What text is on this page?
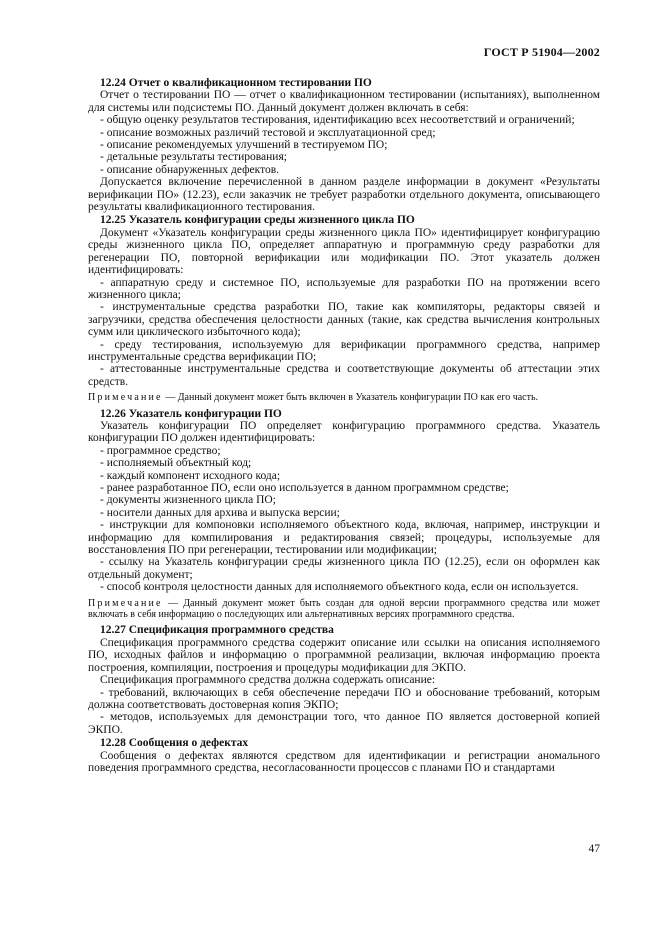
ГОСТ Р 51904—2002

12.24 Отчет о квалификационном тестировании ПО

Отчет о тестировании ПО — отчет о квалификационном тестировании (испытаниях), выполненном для системы или подсистемы ПО. Данный документ должен включать в себя:

- общую оценку результатов тестирования, идентификацию всех несоответствий и ограничений;

- описание возможных различий тестовой и эксплуатационной сред;

- описание рекомендуемых улучшений в тестируемом ПО;

- детальные результаты тестирования;

- описание обнаруженных дефектов.

Допускается включение перечисленной в данном разделе информации в документ «Результаты верификации ПО» (12.23), если заказчик не требует разработки отдельного документа, описывающего результаты квалификационного тестирования.

12.25 Указатель конфигурации среды жизненного цикла ПО

Документ «Указатель конфигурации среды жизненного цикла ПО» идентифицирует конфигурацию среды жизненного цикла ПО, определяет аппаратную и программную среду разработки для регенерации ПО, повторной верификации или модификации ПО. Этот указатель должен идентифицировать:

- аппаратную среду и системное ПО, используемые для разработки ПО на протяжении всего жизненного цикла;

- инструментальные средства разработки ПО, такие как компиляторы, редакторы связей и загрузчики, средства обеспечения целостности данных (такие, как средства вычисления контрольных сумм или циклического избыточного кода);

- среду тестирования, используемую для верификации программного средства, например инструментальные средства верификации ПО;

- аттестованные инструментальные средства и соответствующие документы об аттестации этих средств.

Примечание — Данный документ может быть включен в Указатель конфигурации ПО как его часть.

12.26 Указатель конфигурации ПО

Указатель конфигурации ПО определяет конфигурацию программного средства. Указатель конфигурации ПО должен идентифицировать:

- программное средство;

- исполняемый объектный код;

- каждый компонент исходного кода;

- ранее разработанное ПО, если оно используется в данном программном средстве;

- документы жизненного цикла ПО;

- носители данных для архива и выпуска версии;

- инструкции для компоновки исполняемого объектного кода, включая, например, инструкции и информацию для компилирования и редактирования связей; процедуры, используемые для восстановления ПО при регенерации, тестировании или модификации;

- ссылку на Указатель конфигурации среды жизненного цикла ПО (12.25), если он оформлен как отдельный документ;

- способ контроля целостности данных для исполняемого объектного кода, если он используется.

Примечание — Данный документ может быть создан для одной версии программного средства или может включать в себя информацию о последующих или альтернативных версиях программного средства.

12.27 Спецификация программного средства

Спецификация программного средства содержит описание или ссылки на описания исполняемого ПО, исходных файлов и информацию о программной реализации, включая информацию проекта построения, компиляции, построения и процедуры модификации для ЭКПО.

Спецификация программного средства должна содержать описание:

- требований, включающих в себя обеспечение передачи ПО и обоснование требований, которым должна соответствовать достоверная копия ЭКПО;

- методов, используемых для демонстрации того, что данное ПО является достоверной копией ЭКПО.

12.28 Сообщения о дефектах

Сообщения о дефектах являются средством для идентификации и регистрации аномального поведения программного средства, несогласованности процессов с планами ПО и стандартами

47
